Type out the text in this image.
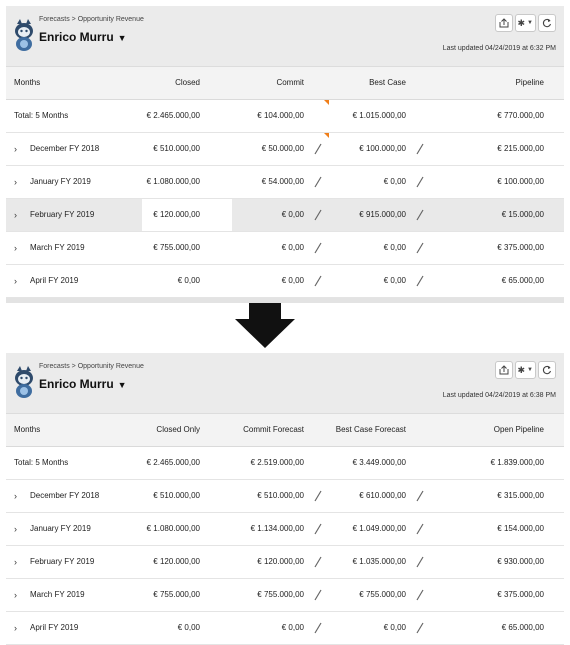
Forecasts > Opportunity Revenue
Enrico Murru ▼
✱ ▼
Last updated 04/24/2019 at 6:32 PM
Months	Closed	Commit	Best Case	Pipeline
Total: 5 Months	€ 2.465.000,00	€ 104.000,00	€ 1.015.000,00	€ 770.000,00
› December FY 2018	€ 510.000,00	€ 50.000,00	€ 100.000,00	€ 215.000,00
› January FY 2019	€ 1.080.000,00	€ 54.000,00	€ 0,00	€ 100.000,00
› February FY 2019	€ 120.000,00	€ 0,00	€ 915.000,00	€ 15.000,00
› March FY 2019	€ 755.000,00	€ 0,00	€ 0,00	€ 375.000,00
› April FY 2019	€ 0,00	€ 0,00	€ 0,00	€ 65.000,00
Forecasts > Opportunity Revenue
Enrico Murru ▼
✱ ▼
Last updated 04/24/2019 at 6:38 PM
Months	Closed Only	Commit Forecast	Best Case Forecast	Open Pipeline
Total: 5 Months	€ 2.465.000,00	€ 2.519.000,00	€ 3.449.000,00	€ 1.839.000,00
› December FY 2018	€ 510.000,00	€ 510.000,00	€ 610.000,00	€ 315.000,00
› January FY 2019	€ 1.080.000,00	€ 1.134.000,00	€ 1.049.000,00	€ 154.000,00
› February FY 2019	€ 120.000,00	€ 120.000,00	€ 1.035.000,00	€ 930.000,00
› March FY 2019	€ 755.000,00	€ 755.000,00	€ 755.000,00	€ 375.000,00
› April FY 2019	€ 0,00	€ 0,00	€ 0,00	€ 65.000,00
